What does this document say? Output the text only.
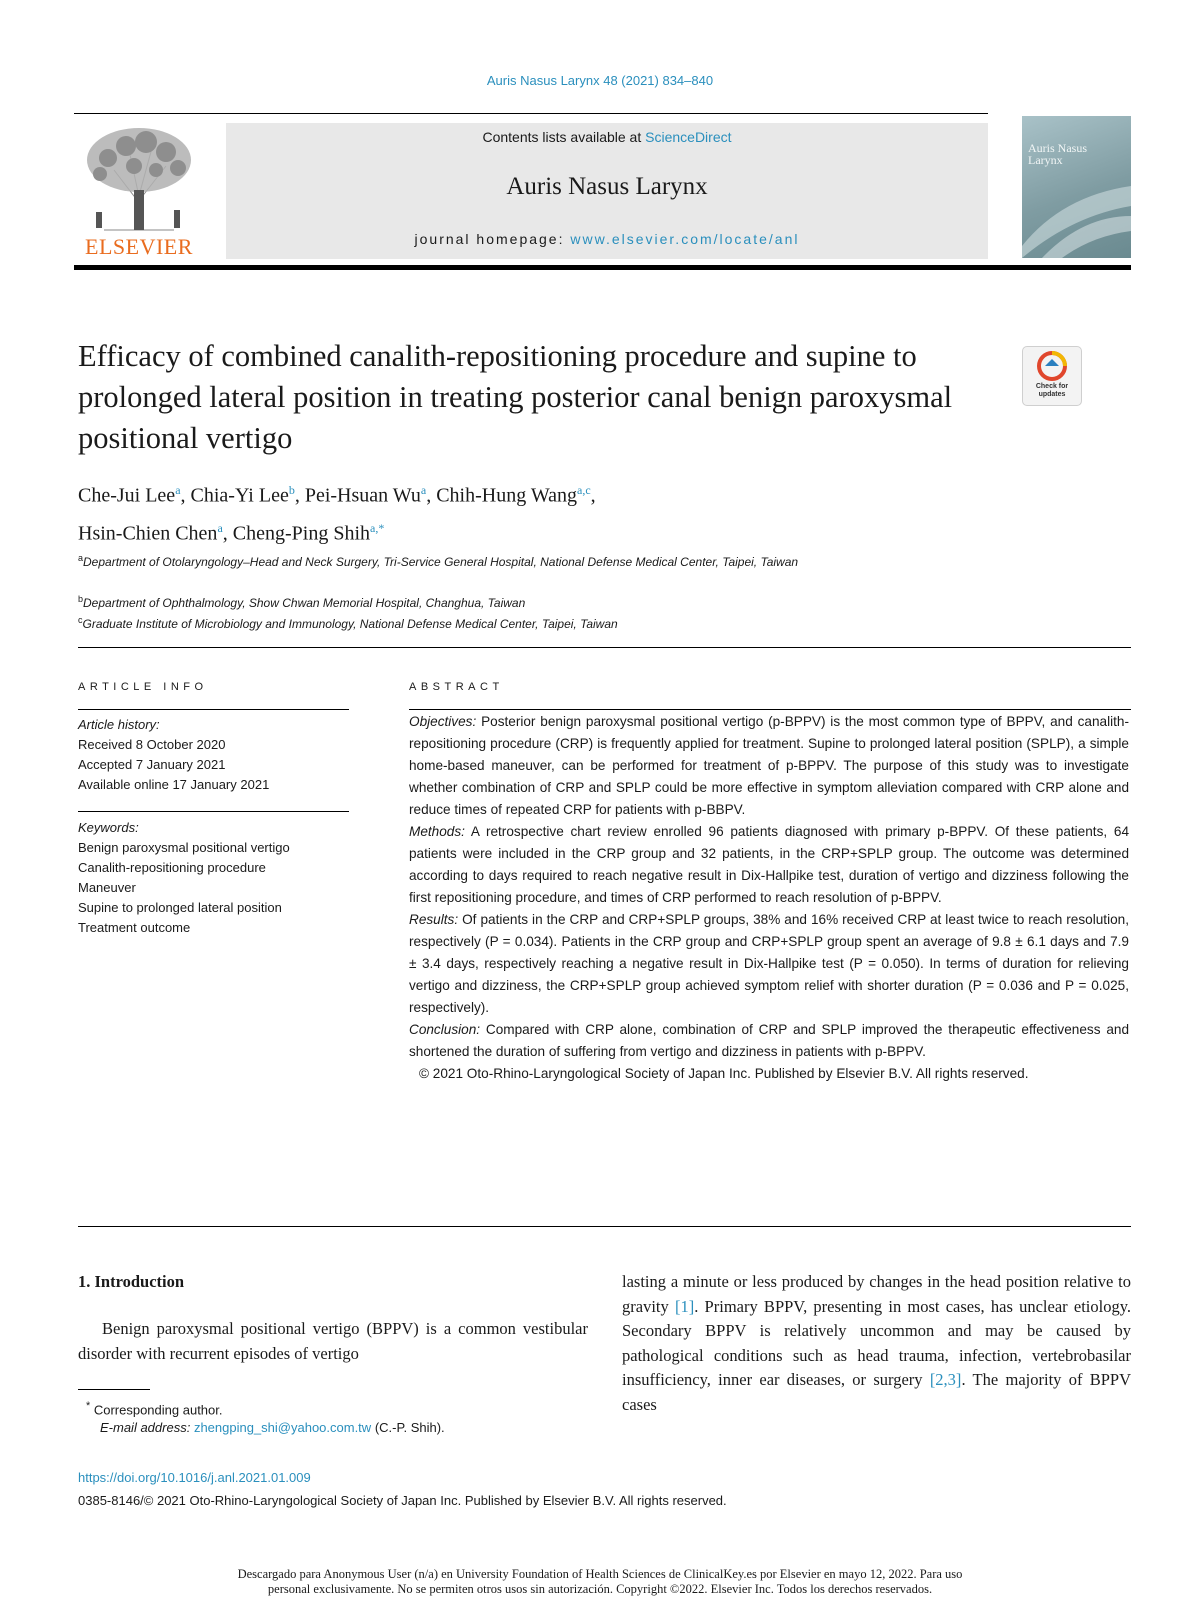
Auris Nasus Larynx 48 (2021) 834–840
ELSEVIER
Contents lists available at ScienceDirect
Auris Nasus Larynx
journal homepage: www.elsevier.com/locate/anl
Auris Nasus Larynx
Efficacy of combined canalith-repositioning procedure and supine to prolonged lateral position in treating posterior canal benign paroxysmal positional vertigo
Check for updates
Che-Jui Lee$^a$, Chia-Yi Lee$^b$, Pei-Hsuan Wu$^a$, Chih-Hung Wang$^{a,c}$,
Hsin-Chien Chen$^a$, Cheng-Ping Shih$^{a,*}$
$^a$Department of Otolaryngology–Head and Neck Surgery, Tri-Service General Hospital, National Defense Medical Center, Taipei, Taiwan
$^b$Department of Ophthalmology, Show Chwan Memorial Hospital, Changhua, Taiwan
$^c$Graduate Institute of Microbiology and Immunology, National Defense Medical Center, Taipei, Taiwan
ARTICLE INFO
Article history:
Received 8 October 2020
Accepted 7 January 2021
Available online 17 January 2021
Keywords:
Benign paroxysmal positional vertigo
Canalith-repositioning procedure
Maneuver
Supine to prolonged lateral position
Treatment outcome
ABSTRACT

Objectives: Posterior benign paroxysmal positional vertigo (p-BPPV) is the most common type of BPPV, and canalith-repositioning procedure (CRP) is frequently applied for treatment. Supine to prolonged lateral position (SPLP), a simple home-based maneuver, can be performed for treatment of p-BPPV. The purpose of this study was to investigate whether combination of CRP and SPLP could be more effective in symptom alleviation compared with CRP alone and reduce times of repeated CRP for patients with p-BBPV.

Methods: A retrospective chart review enrolled 96 patients diagnosed with primary p-BPPV. Of these patients, 64 patients were included in the CRP group and 32 patients, in the CRP+SPLP group. The outcome was determined according to days required to reach negative result in Dix-Hallpike test, duration of vertigo and dizziness following the first repositioning procedure, and times of CRP performed to reach resolution of p-BPPV.

Results: Of patients in the CRP and CRP+SPLP groups, 38% and 16% received CRP at least twice to reach resolution, respectively (P = 0.034). Patients in the CRP group and CRP+SPLP group spent an average of 9.8 ± 6.1 days and 7.9 ± 3.4 days, respectively reaching a negative result in Dix-Hallpike test (P = 0.050). In terms of duration for relieving vertigo and dizziness, the CRP+SPLP group achieved symptom relief with shorter duration (P = 0.036 and P = 0.025, respectively).

Conclusion: Compared with CRP alone, combination of CRP and SPLP improved the therapeutic effectiveness and shortened the duration of suffering from vertigo and dizziness in patients with p-BPPV.

© 2021 Oto-Rhino-Laryngological Society of Japan Inc. Published by Elsevier B.V. All rights reserved.

1. Introduction
Benign paroxysmal positional vertigo (BPPV) is a common vestibular disorder with recurrent episodes of vertigo
lasting a minute or less produced by changes in the head position relative to gravity [1]. Primary BPPV, presenting in most cases, has unclear etiology. Secondary BPPV is relatively uncommon and may be caused by pathological conditions such as head trauma, infection, vertebrobasilar insufficiency, inner ear diseases, or surgery [2,3]. The majority of BPPV cases
* Corresponding author.
E-mail address: zhengping_shi@yahoo.com.tw (C.-P. Shih).
https://doi.org/10.1016/j.anl.2021.01.009
0385-8146/© 2021 Oto-Rhino-Laryngological Society of Japan Inc. Published by Elsevier B.V. All rights reserved.
Descargado para Anonymous User (n/a) en University Foundation of Health Sciences de ClinicalKey.es por Elsevier en mayo 12, 2022. Para uso
personal exclusivamente. No se permiten otros usos sin autorización. Copyright ©2022. Elsevier Inc. Todos los derechos reservados.
